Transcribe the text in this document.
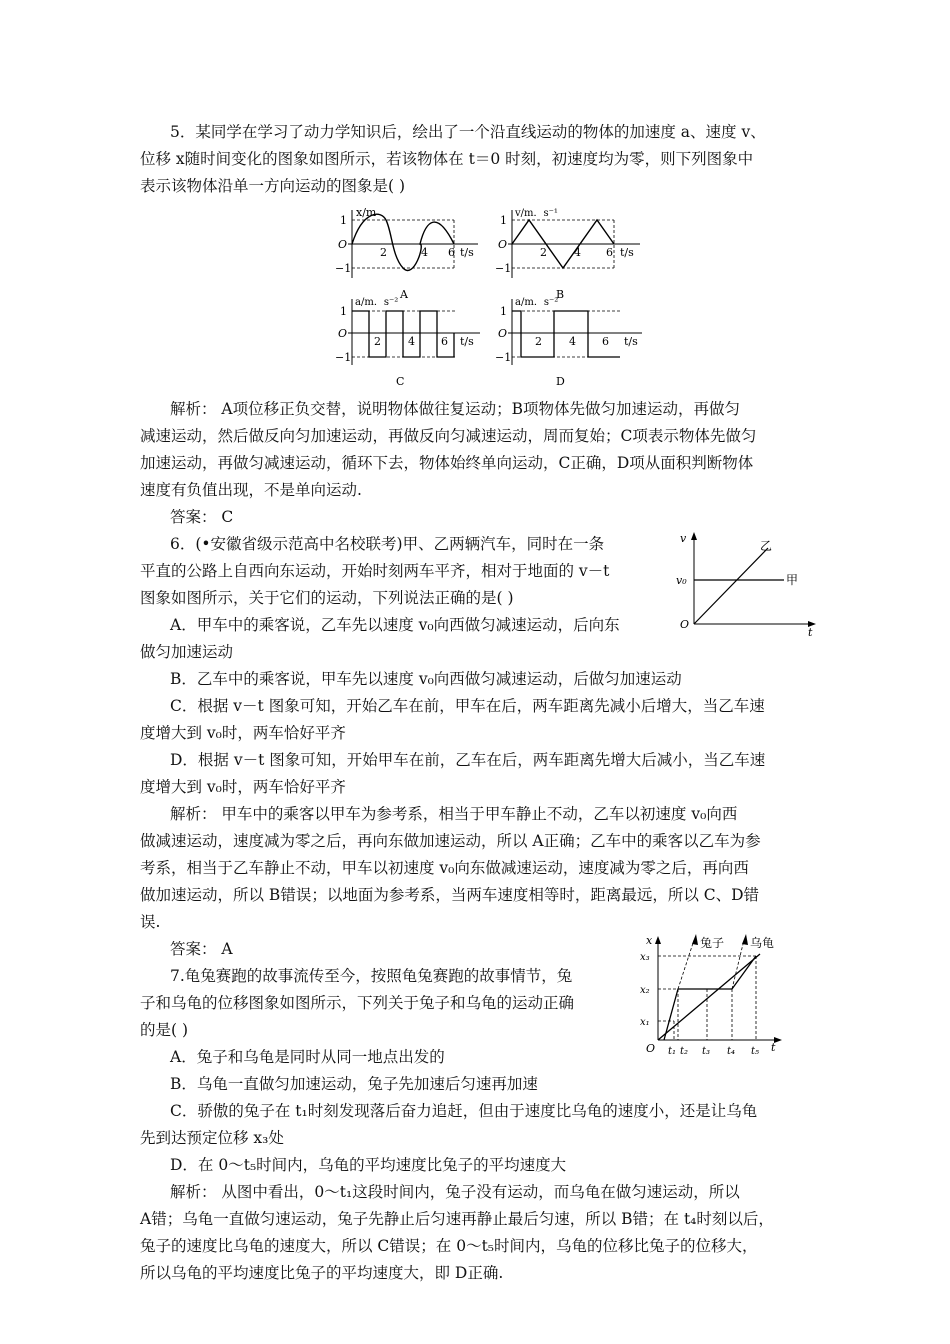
5．某同学在学习了动力学知识后，绘出了一个沿直线运动的物体的加速度 a、速度 v、
位移 x随时间变化的图象如图所示，若该物体在 t＝0 时刻，初速度均为零，则下列图象中
表示该物体沿单一方向运动的图象是( )
x/m
1
−1
O
2	4 6 t/s
A
v/m．s⁻¹
1
−1
O
2 4 6 t/s
B
a/m．s⁻²
1
−1
O
2 4 6 t/s
C
a/m．s⁻²
1
−1
O
2 4 6 t/s
D
解析： A项位移正负交替，说明物体做往复运动；B项物体先做匀加速运动，再做匀
减速运动，然后做反向匀加速运动，再做反向匀减速运动，周而复始；C项表示物体先做匀
加速运动，再做匀减速运动，循环下去，物体始终单向运动，C正确，D项从面积判断物体
速度有负值出现，不是单向运动.
答案： C
6．(•安徽省级示范高中名校联考)甲、乙两辆汽车，同时在一条
平直的公路上自西向东运动，开始时刻两车平齐，相对于地面的 v－t
图象如图所示，关于它们的运动，下列说法正确的是( )
A．甲车中的乘客说，乙车先以速度 v₀向西做匀减速运动，后向东
做匀加速运动
B．乙车中的乘客说，甲车先以速度 v₀向西做匀减速运动，后做匀加速运动
C．根据 v－t 图象可知，开始乙车在前，甲车在后，两车距离先减小后增大，当乙车速
度增大到 v₀时，两车恰好平齐
D．根据 v－t 图象可知，开始甲车在前，乙车在后，两车距离先增大后减小，当乙车速
度增大到 v₀时，两车恰好平齐
v
v₀
O
t
乙
甲
解析： 甲车中的乘客以甲车为参考系，相当于甲车静止不动，乙车以初速度 v₀向西
做减速运动，速度减为零之后，再向东做加速运动，所以 A正确；乙车中的乘客以乙车为参
考系，相当于乙车静止不动，甲车以初速度 v₀向东做减速运动，速度减为零之后，再向西
做加速运动，所以 B错误；以地面为参考系，当两车速度相等时，距离最远，所以 C、D错
误.
答案： A
7.龟兔赛跑的故事流传至今，按照龟兔赛跑的故事情节，兔
子和乌龟的位移图象如图所示，下列关于兔子和乌龟的运动正确
的是( )
A．兔子和乌龟是同时从同一地点出发的
B．乌龟一直做匀加速运动，兔子先加速后匀速再加速
C．骄傲的兔子在 t₁时刻发现落后奋力追赶，但由于速度比乌龟的速度小，还是让乌龟
先到达预定位移 x₃处
D．在 0～t₅时间内，乌龟的平均速度比兔子的平均速度大
x
x₃
x₂
x₁
O t₁ t₂ t₃ t₄ t₅ t
兔子 乌龟
解析： 从图中看出，0～t₁这段时间内，兔子没有运动，而乌龟在做匀速运动，所以
A错；乌龟一直做匀速运动，兔子先静止后匀速再静止最后匀速，所以 B错；在 t₄时刻以后，
兔子的速度比乌龟的速度大，所以 C错误；在 0～t₅时间内，乌龟的位移比兔子的位移大，
所以乌龟的平均速度比兔子的平均速度大，即 D正确.
